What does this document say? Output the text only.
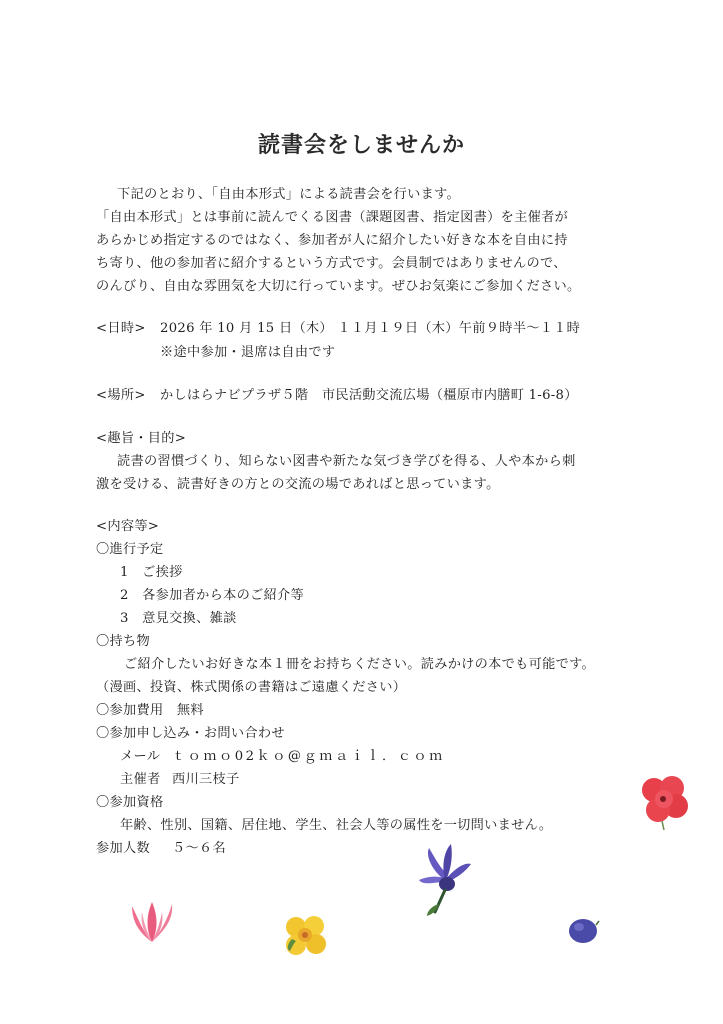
読書会をしませんか
下記のとおり、「自由本形式」による読書会を行います。
「自由本形式」とは事前に読んでくる図書（課題図書、指定図書）を主催者が
あらかじめ指定するのではなく、参加者が人に紹介したい好きな本を自由に持
ち寄り、他の参加者に紹介するという方式です。会員制ではありませんので、
のんびり、自由な雰囲気を大切に行っています。ぜひお気楽にご参加ください。
<日時> 2026 年 10 月 15 日（木） １１月１９日（木）午前９時半～１１時
※途中参加・退席は自由です
<場所> かしはらナビプラザ５階　市民活動交流広場（橿原市内膳町 1-6-8）
<趣旨・目的>
読書の習慣づくり、知らない図書や新たな気づき学びを得る、人や本から刺
激を受ける、読書好きの方との交流の場であればと思っています。
<内容等>
〇進行予定
1　ご挨拶
2　各参加者から本のご紹介等
3　意見交換、雑談
〇持ち物
ご紹介したいお好きな本１冊をお持ちください。読みかけの本でも可能です。
（漫画、投資、株式関係の書籍はご遠慮ください）
〇参加費用　無料
〇参加申し込み・お問い合わせ
メール ｔｏｍｏ02ｋｏ@ｇｍａｉｌ．ｃｏｍ
主催者 西川三枝子
〇参加資格
年齢、性別、国籍、居住地、学生、社会人等の属性を一切問いません。
参加人数 ５～６名
